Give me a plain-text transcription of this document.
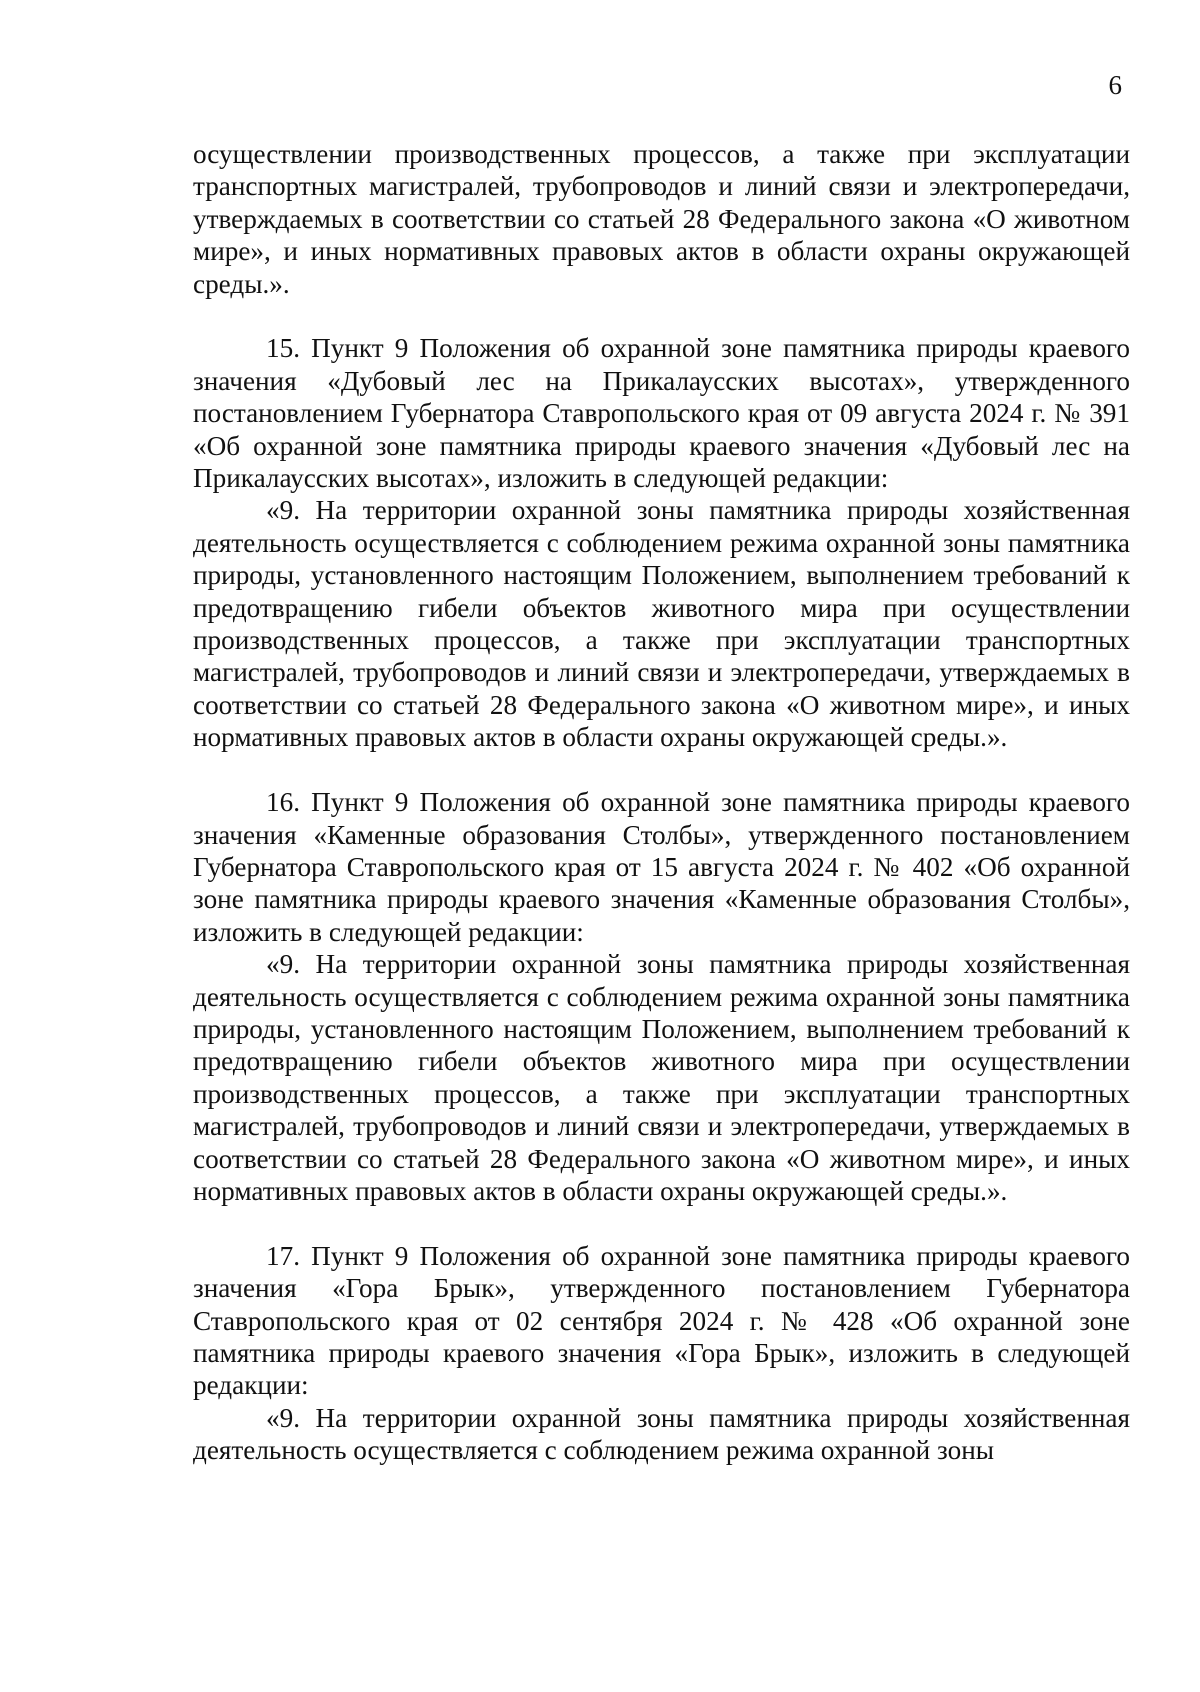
6

осуществлении производственных процессов, а также при эксплуатации транспортных магистралей, трубопроводов и линий связи и электропередачи, утверждаемых в соответствии со статьей 28 Федерального закона «О животном мире», и иных нормативных правовых актов в области охраны окружающей среды.».

15. Пункт 9 Положения об охранной зоне памятника природы краевого значения «Дубовый лес на Прикалаусских высотах», утвержденного постановлением Губернатора Ставропольского края от 09 августа 2024 г. № 391 «Об охранной зоне памятника природы краевого значения «Дубовый лес на Прикалаусских высотах», изложить в следующей редакции:

«9. На территории охранной зоны памятника природы хозяйственная деятельность осуществляется с соблюдением режима охранной зоны памятника природы, установленного настоящим Положением, выполнением требований к предотвращению гибели объектов животного мира при осуществлении производственных процессов, а также при эксплуатации транспортных магистралей, трубопроводов и линий связи и электропередачи, утверждаемых в соответствии со статьей 28 Федерального закона «О животном мире», и иных нормативных правовых актов в области охраны окружающей среды.».

16. Пункт 9 Положения об охранной зоне памятника природы краевого значения «Каменные образования Столбы», утвержденного постановлением Губернатора Ставропольского края от 15 августа 2024 г. № 402 «Об охранной зоне памятника природы краевого значения «Каменные образования Столбы», изложить в следующей редакции:

«9. На территории охранной зоны памятника природы хозяйственная деятельность осуществляется с соблюдением режима охранной зоны памятника природы, установленного настоящим Положением, выполнением требований к предотвращению гибели объектов животного мира при осуществлении производственных процессов, а также при эксплуатации транспортных магистралей, трубопроводов и линий связи и электропередачи, утверждаемых в соответствии со статьей 28 Федерального закона «О животном мире», и иных нормативных правовых актов в области охраны окружающей среды.».

17. Пункт 9 Положения об охранной зоне памятника природы краевого значения «Гора Брык», утвержденного постановлением Губернатора Ставропольского края от 02 сентября 2024 г. № 428 «Об охранной зоне памятника природы краевого значения «Гора Брык», изложить в следующей редакции:

«9. На территории охранной зоны памятника природы хозяйственная деятельность осуществляется с соблюдением режима охранной зоны
